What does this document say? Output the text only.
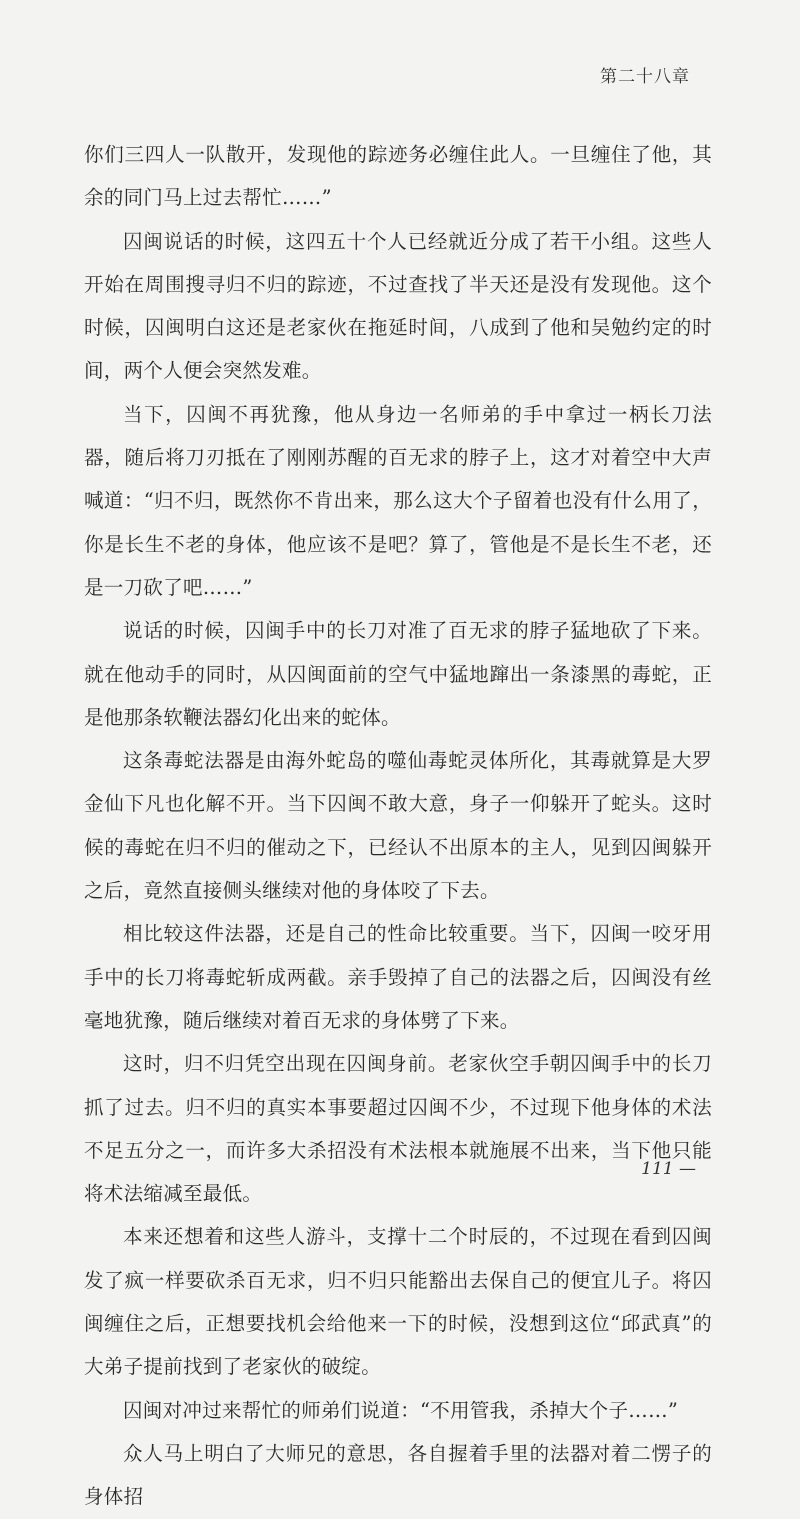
第二十八章

你们三四人一队散开，发现他的踪迹务必缠住此人。一旦缠住了他，其余的同门马上过去帮忙……”

囚闽说话的时候，这四五十个人已经就近分成了若干小组。这些人开始在周围搜寻归不归的踪迹，不过查找了半天还是没有发现他。这个时候，囚闽明白这还是老家伙在拖延时间，八成到了他和吴勉约定的时间，两个人便会突然发难。

当下，囚闽不再犹豫，他从身边一名师弟的手中拿过一柄长刀法器，随后将刀刃抵在了刚刚苏醒的百无求的脖子上，这才对着空中大声喊道：“归不归，既然你不肯出来，那么这大个子留着也没有什么用了，你是长生不老的身体，他应该不是吧？算了，管他是不是长生不老，还是一刀砍了吧……”

说话的时候，囚闽手中的长刀对准了百无求的脖子猛地砍了下来。就在他动手的同时，从囚闽面前的空气中猛地蹿出一条漆黑的毒蛇，正是他那条软鞭法器幻化出来的蛇体。

这条毒蛇法器是由海外蛇岛的噬仙毒蛇灵体所化，其毒就算是大罗金仙下凡也化解不开。当下囚闽不敢大意，身子一仰躲开了蛇头。这时候的毒蛇在归不归的催动之下，已经认不出原本的主人，见到囚闽躲开之后，竟然直接侧头继续对他的身体咬了下去。

相比较这件法器，还是自己的性命比较重要。当下，囚闽一咬牙用手中的长刀将毒蛇斩成两截。亲手毁掉了自己的法器之后，囚闽没有丝毫地犹豫，随后继续对着百无求的身体劈了下来。

这时，归不归凭空出现在囚闽身前。老家伙空手朝囚闽手中的长刀抓了过去。归不归的真实本事要超过囚闽不少，不过现下他身体的术法不足五分之一，而许多大杀招没有术法根本就施展不出来，当下他只能将术法缩减至最低。

本来还想着和这些人游斗，支撑十二个时辰的，不过现在看到囚闽发了疯一样要砍杀百无求，归不归只能豁出去保自己的便宜儿子。将囚闽缠住之后，正想要找机会给他来一下的时候，没想到这位“邱武真”的大弟子提前找到了老家伙的破绽。

囚闽对冲过来帮忙的师弟们说道：“不用管我，杀掉大个子……”

众人马上明白了大师兄的意思，各自握着手里的法器对着二愣子的身体招

111 —
